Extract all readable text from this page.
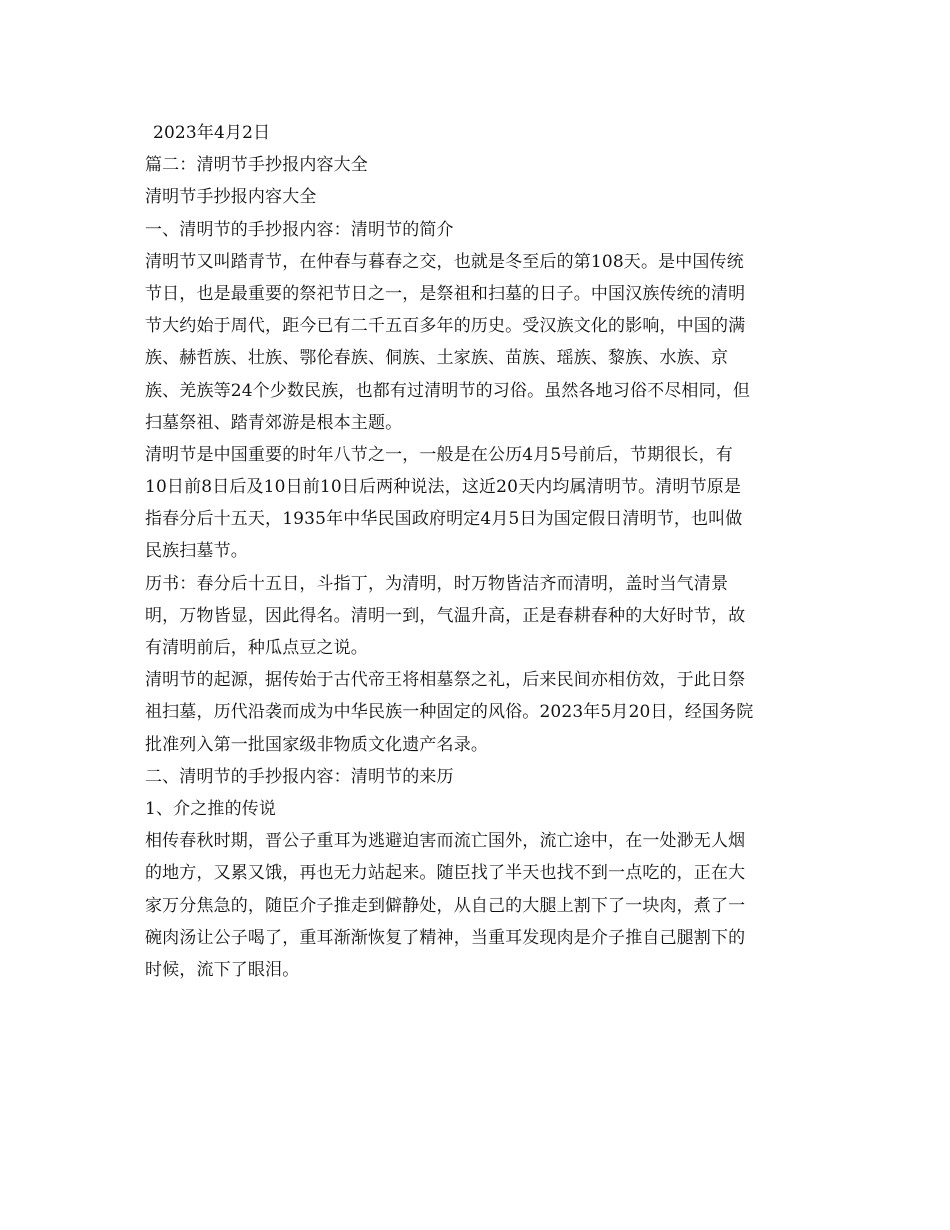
2023年4月2日
篇二：清明节手抄报内容大全
清明节手抄报内容大全
一、清明节的手抄报内容：清明节的简介
清明节又叫踏青节，在仲春与暮春之交，也就是冬至后的第108天。是中国传统
节日，也是最重要的祭祀节日之一，是祭祖和扫墓的日子。中国汉族传统的清明
节大约始于周代，距今已有二千五百多年的历史。受汉族文化的影响，中国的满
族、赫哲族、壮族、鄂伦春族、侗族、土家族、苗族、瑶族、黎族、水族、京
族、羌族等24个少数民族，也都有过清明节的习俗。虽然各地习俗不尽相同，但
扫墓祭祖、踏青郊游是根本主题。
清明节是中国重要的时年八节之一，一般是在公历4月5号前后，节期很长，有
10日前8日后及10日前10日后两种说法，这近20天内均属清明节。清明节原是
指春分后十五天，1935年中华民国政府明定4月5日为国定假日清明节，也叫做
民族扫墓节。
历书：春分后十五日，斗指丁，为清明，时万物皆洁齐而清明，盖时当气清景
明，万物皆显，因此得名。清明一到，气温升高，正是春耕春种的大好时节，故
有清明前后，种瓜点豆之说。
清明节的起源，据传始于古代帝王将相墓祭之礼，后来民间亦相仿效，于此日祭
祖扫墓，历代沿袭而成为中华民族一种固定的风俗。2023年5月20日，经国务院
批准列入第一批国家级非物质文化遗产名录。
二、清明节的手抄报内容：清明节的来历
1、介之推的传说
相传春秋时期，晋公子重耳为逃避迫害而流亡国外，流亡途中，在一处渺无人烟
的地方，又累又饿，再也无力站起来。随臣找了半天也找不到一点吃的，正在大
家万分焦急的，随臣介子推走到僻静处，从自己的大腿上割下了一块肉，煮了一
碗肉汤让公子喝了，重耳渐渐恢复了精神，当重耳发现肉是介子推自己腿割下的
时候，流下了眼泪。
